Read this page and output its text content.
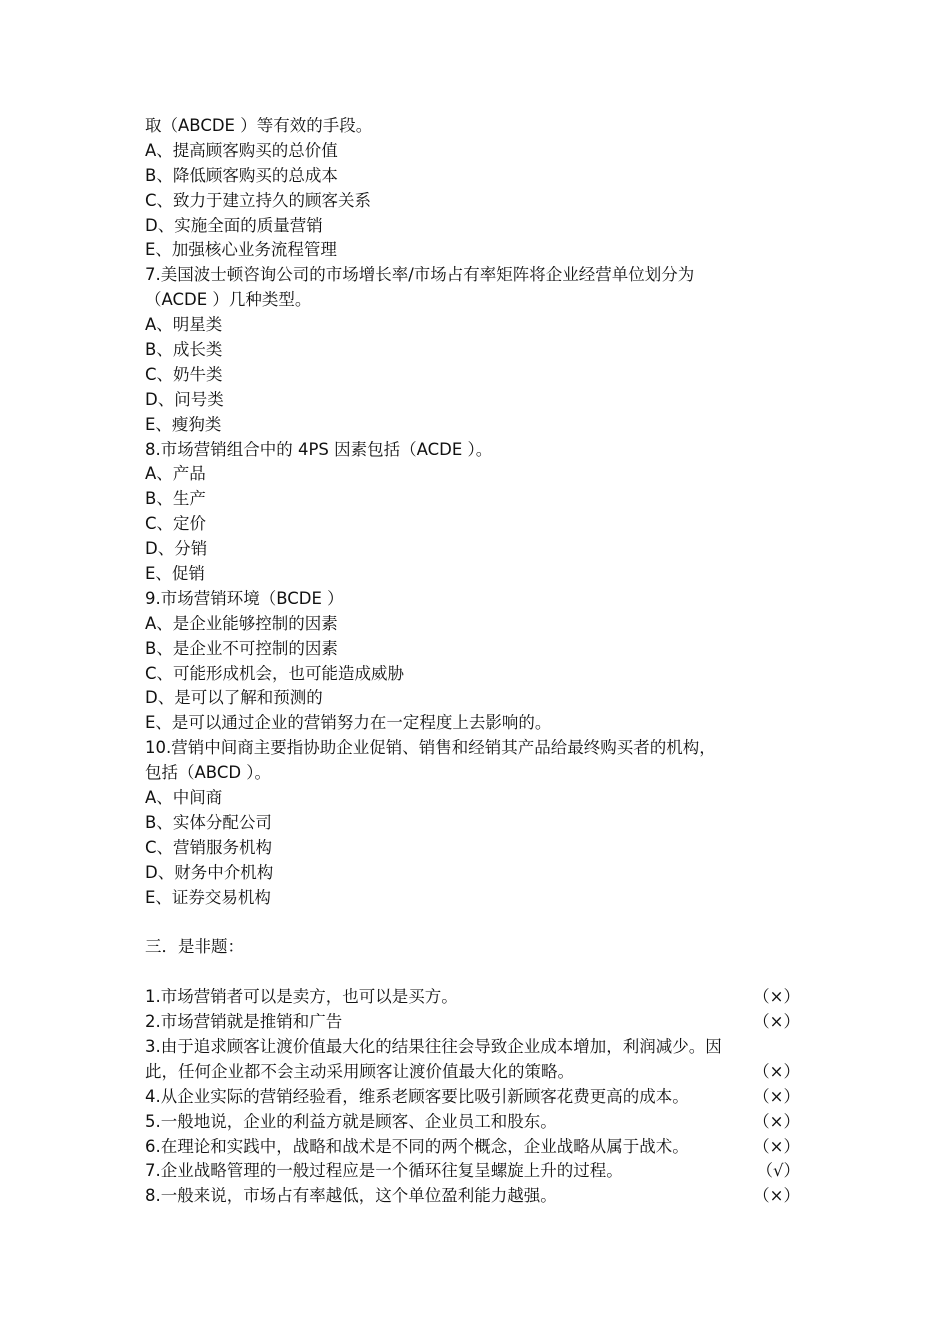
取（ABCDE ）等有效的手段。
A、提高顾客购买的总价值
B、降低顾客购买的总成本
C、致力于建立持久的顾客关系
D、实施全面的质量营销
E、加强核心业务流程管理
7.美国波士顿咨询公司的市场增长率/市场占有率矩阵将企业经营单位划分为
（ACDE ）几种类型。
A、明星类
B、成长类
C、奶牛类
D、问号类
E、瘦狗类
8.市场营销组合中的 4PS 因素包括（ACDE ）。
A、产品
B、生产
C、定价
D、分销
E、促销
9.市场营销环境（BCDE ）
A、是企业能够控制的因素
B、是企业不可控制的因素
C、可能形成机会，也可能造成威胁
D、是可以了解和预测的
E、是可以通过企业的营销努力在一定程度上去影响的。
10.营销中间商主要指协助企业促销、销售和经销其产品给最终购买者的机构，
包括（ABCD ）。
A、中间商
B、实体分配公司
C、营销服务机构
D、财务中介机构
E、证券交易机构
三．是非题：
1.市场营销者可以是卖方，也可以是买方。	（×）
2.市场营销就是推销和广告	（×）
3.由于追求顾客让渡价值最大化的结果往往会导致企业成本增加，利润减少。因
此，任何企业都不会主动采用顾客让渡价值最大化的策略。	（×）
4.从企业实际的营销经验看，维系老顾客要比吸引新顾客花费更高的成本。	（×）
5.一般地说，企业的利益方就是顾客、企业员工和股东。	（×）
6.在理论和实践中，战略和战术是不同的两个概念，企业战略从属于战术。	（×）
7.企业战略管理的一般过程应是一个循环往复呈螺旋上升的过程。	（√）
8.一般来说，市场占有率越低，这个单位盈利能力越强。	（×）
